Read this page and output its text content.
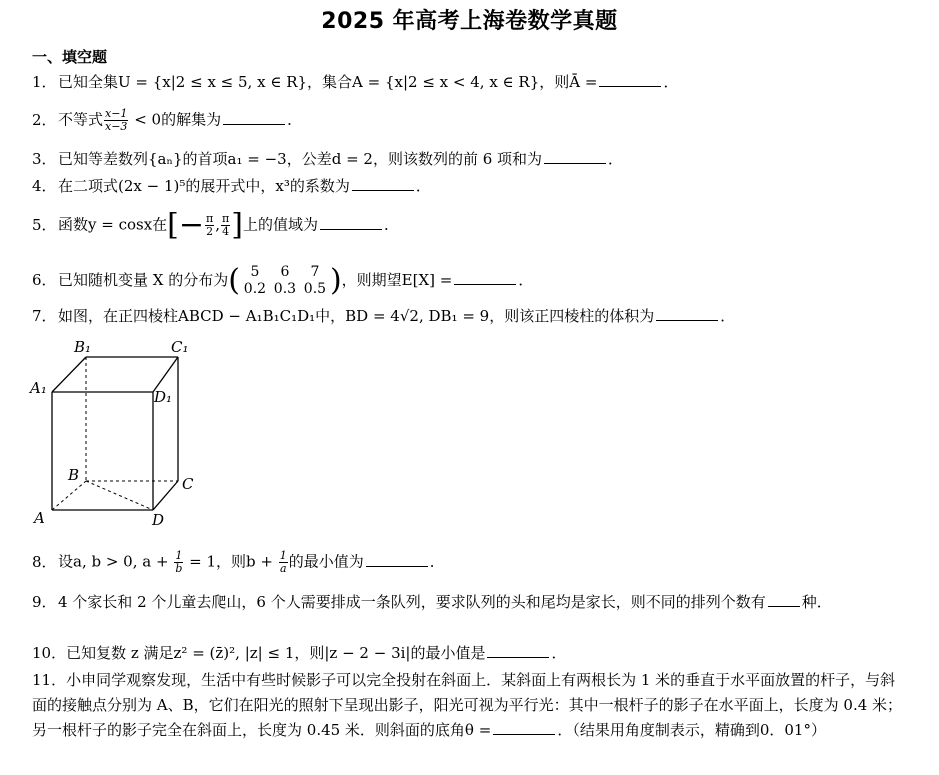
2025 年高考上海卷数学真题
一、填空题
1．已知全集U = {x|2 ≤ x ≤ 5, x ∈ R}，集合A = {x|2 ≤ x < 4, x ∈ R}，则Ā =	．
2．不等式 $\frac{x-1}{x-3} < 0$的解集为	．
3．已知等差数列{aₙ}的首项a₁ = −3，公差d = 2，则该数列的前 6 项和为	．
4．在二项式(2x − 1)⁵的展开式中，x³的系数为	．
5．函数y = cosx在[− $\frac{\pi}{2}$ , $\frac{\pi}{4}$ ]上的值域为	．
6．已知随机变量 X 的分布为( 5 6 7
0.2 0.3 0.5 )，则期望E[X] =	．
7．如图，在正四棱柱ABCD − A₁B₁C₁D₁中，BD = 4√2, DB₁ = 9，则该正四棱柱的体积为	．
B₁	C₁
A₁	D₁
B	C
A	D
8．设a, b > 0, $a + \frac{1}{b} = 1$，则$b + \frac{1}{a}$ 的最小值为	．
9．4 个家长和 2 个儿童去爬山，6 个人需要排成一条队列，要求队列的头和尾均是家长，则不同的排列个数有 种．
10．已知复数 z 满足z² = (z̄)², |z| ≤ 1，则|z − 2 − 3i|的最小值是	．
11．小申同学观察发现，生活中有些时候影子可以完全投射在斜面上．某斜面上有两根长为 1 米的垂直于水平面放置的杆子，与斜面的接触点分别为 A、B，它们在阳光的照射下呈现出影子，阳光可视为平行光：其中一根杆子的影子在水平面上，长度为 0.4 米；另一根杆子的影子完全在斜面上，长度为 0.45 米．则斜面的底角θ =	．（结果用角度制表示，精确到0．01°）
